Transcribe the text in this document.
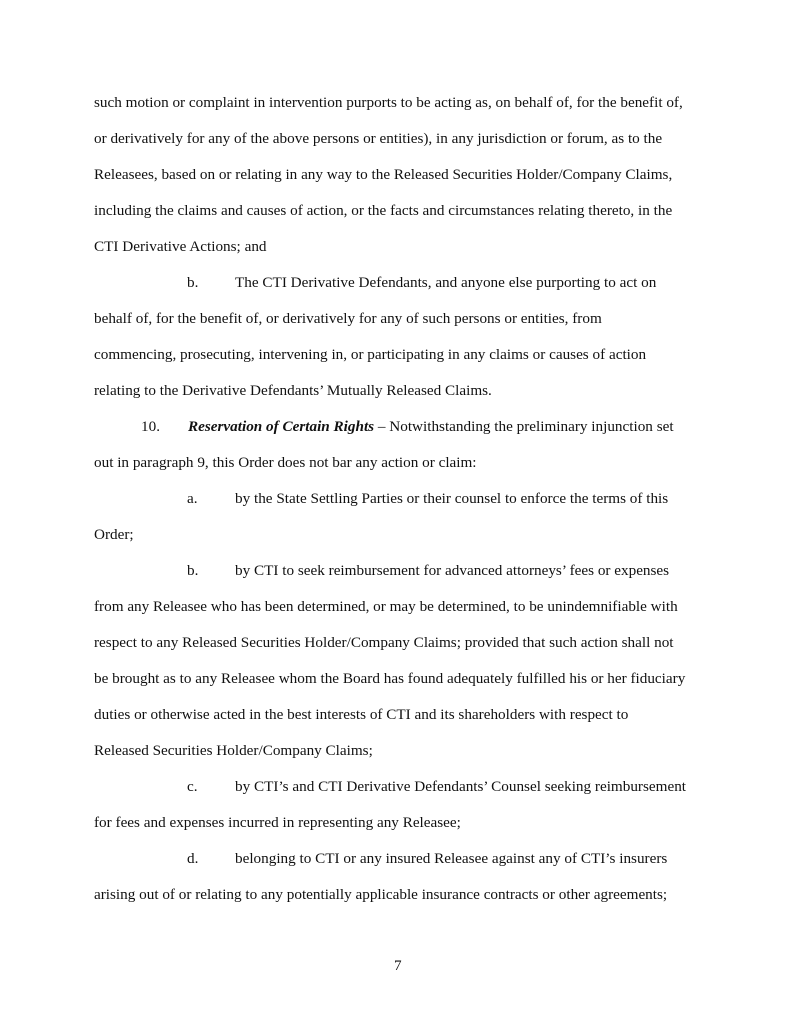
such motion or complaint in intervention purports to be acting as, on behalf of, for the benefit of,
or derivatively for any of the above persons or entities), in any jurisdiction or forum, as to the
Releasees, based on or relating in any way to the Released Securities Holder/Company Claims,
including the claims and causes of action, or the facts and circumstances relating thereto, in the
CTI Derivative Actions; and
b. The CTI Derivative Defendants, and anyone else purporting to act on
behalf of, for the benefit of, or derivatively for any of such persons or entities, from
commencing, prosecuting, intervening in, or participating in any claims or causes of action
relating to the Derivative Defendants’ Mutually Released Claims.
10. Reservation of Certain Rights – Notwithstanding the preliminary injunction set
out in paragraph 9, this Order does not bar any action or claim:
a. by the State Settling Parties or their counsel to enforce the terms of this
Order;
b. by CTI to seek reimbursement for advanced attorneys’ fees or expenses
from any Releasee who has been determined, or may be determined, to be unindemnifiable with
respect to any Released Securities Holder/Company Claims; provided that such action shall not
be brought as to any Releasee whom the Board has found adequately fulfilled his or her fiduciary
duties or otherwise acted in the best interests of CTI and its shareholders with respect to
Released Securities Holder/Company Claims;
c. by CTI’s and CTI Derivative Defendants’ Counsel seeking reimbursement
for fees and expenses incurred in representing any Releasee;
d. belonging to CTI or any insured Releasee against any of CTI’s insurers
arising out of or relating to any potentially applicable insurance contracts or other agreements;
7
